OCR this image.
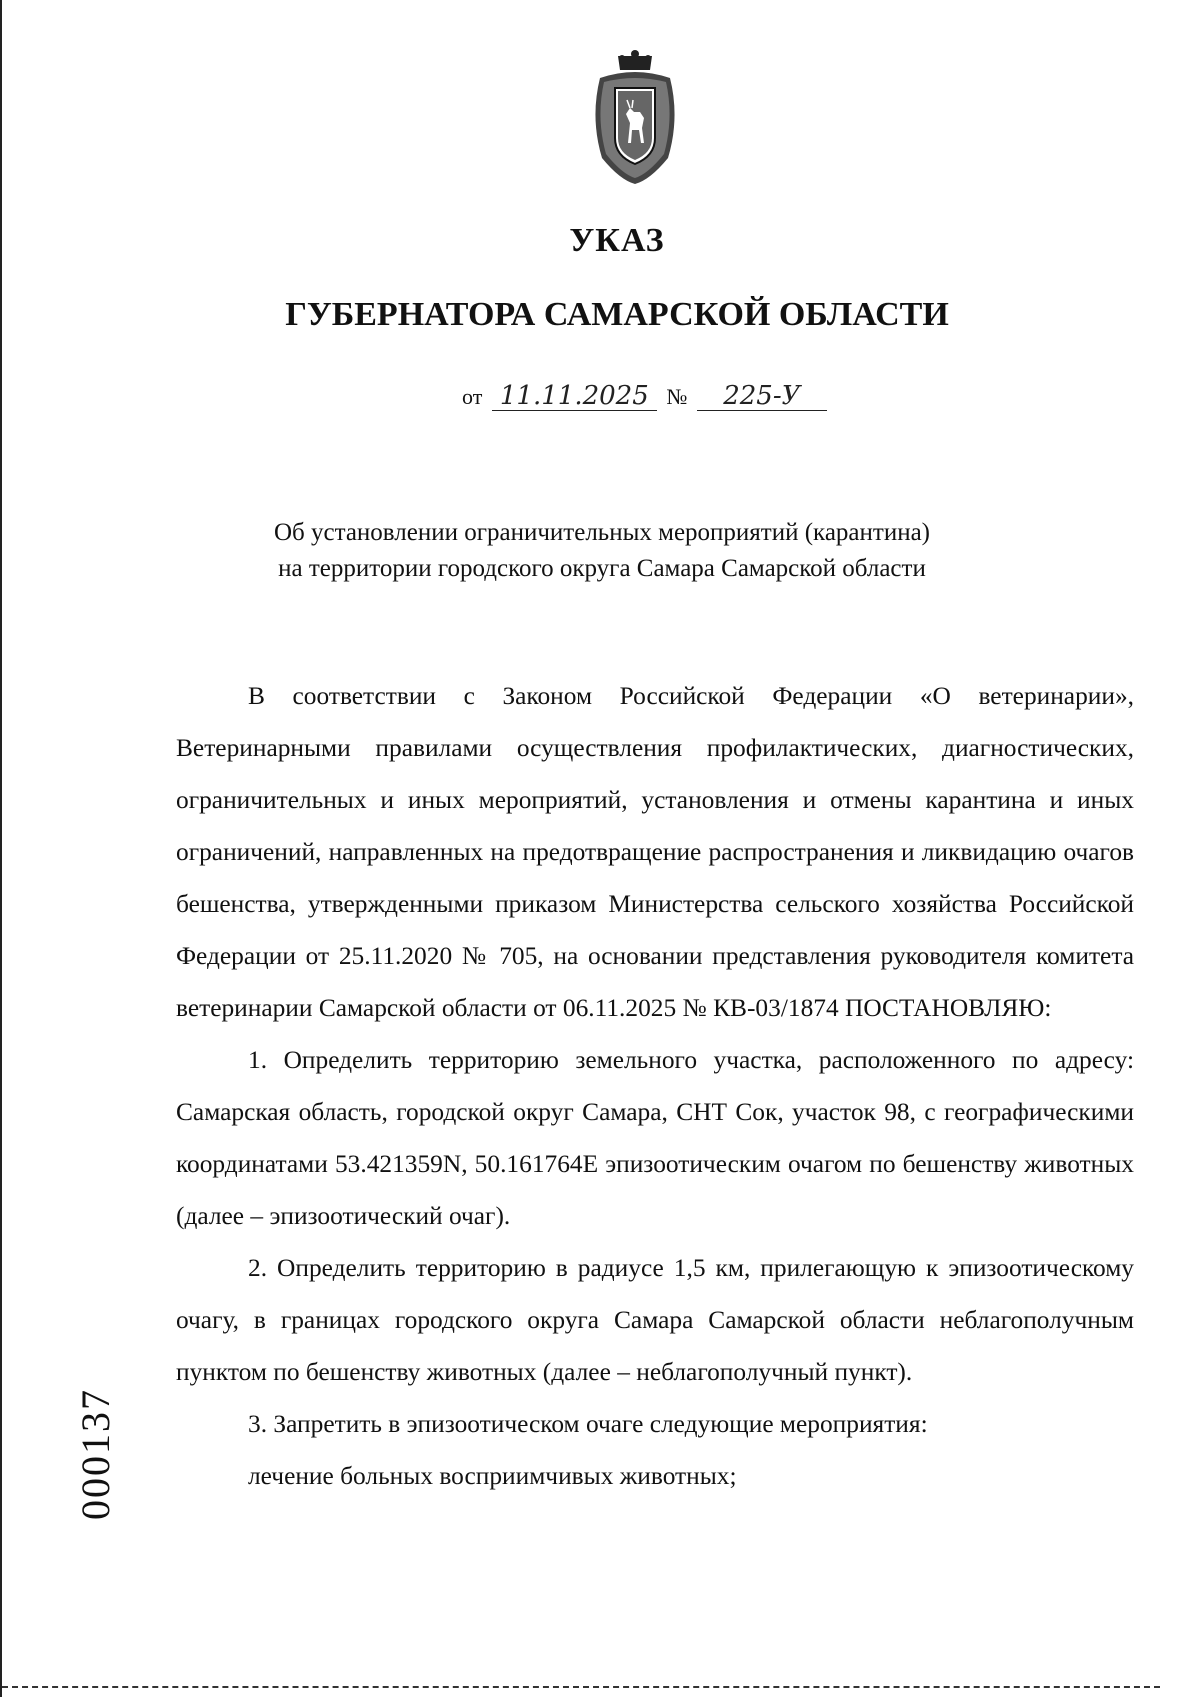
УКАЗ
ГУБЕРНАТОРА САМАРСКОЙ ОБЛАСТИ
от 11.11.2025 № 225-У
Об установлении ограничительных мероприятий (карантина)
на территории городского округа Самара Самарской области

В соответствии с Законом Российской Федерации «О ветеринарии», Ветеринарными правилами осуществления профилактических, диагностических, ограничительных и иных мероприятий, установления и отмены карантина и иных ограничений, направленных на предотвращение распространения и ликвидацию очагов бешенства, утвержденными приказом Министерства сельского хозяйства Российской Федерации от 25.11.2020 № 705, на основании представления руководителя комитета ветеринарии Самарской области от 06.11.2025 № КВ-03/1874 ПОСТАНОВЛЯЮ:

1. Определить территорию земельного участка, расположенного по адресу: Самарская область, городской округ Самара, СНТ Сок, участок 98, с географическими координатами 53.421359N, 50.161764E эпизоотическим очагом по бешенству животных (далее – эпизоотический очаг).

2. Определить территорию в радиусе 1,5 км, прилегающую к эпизоотическому очагу, в границах городского округа Самара Самарской области неблагополучным пунктом по бешенству животных (далее – неблагополучный пункт).

3. Запретить в эпизоотическом очаге следующие мероприятия:

лечение больных восприимчивых животных;

000137
